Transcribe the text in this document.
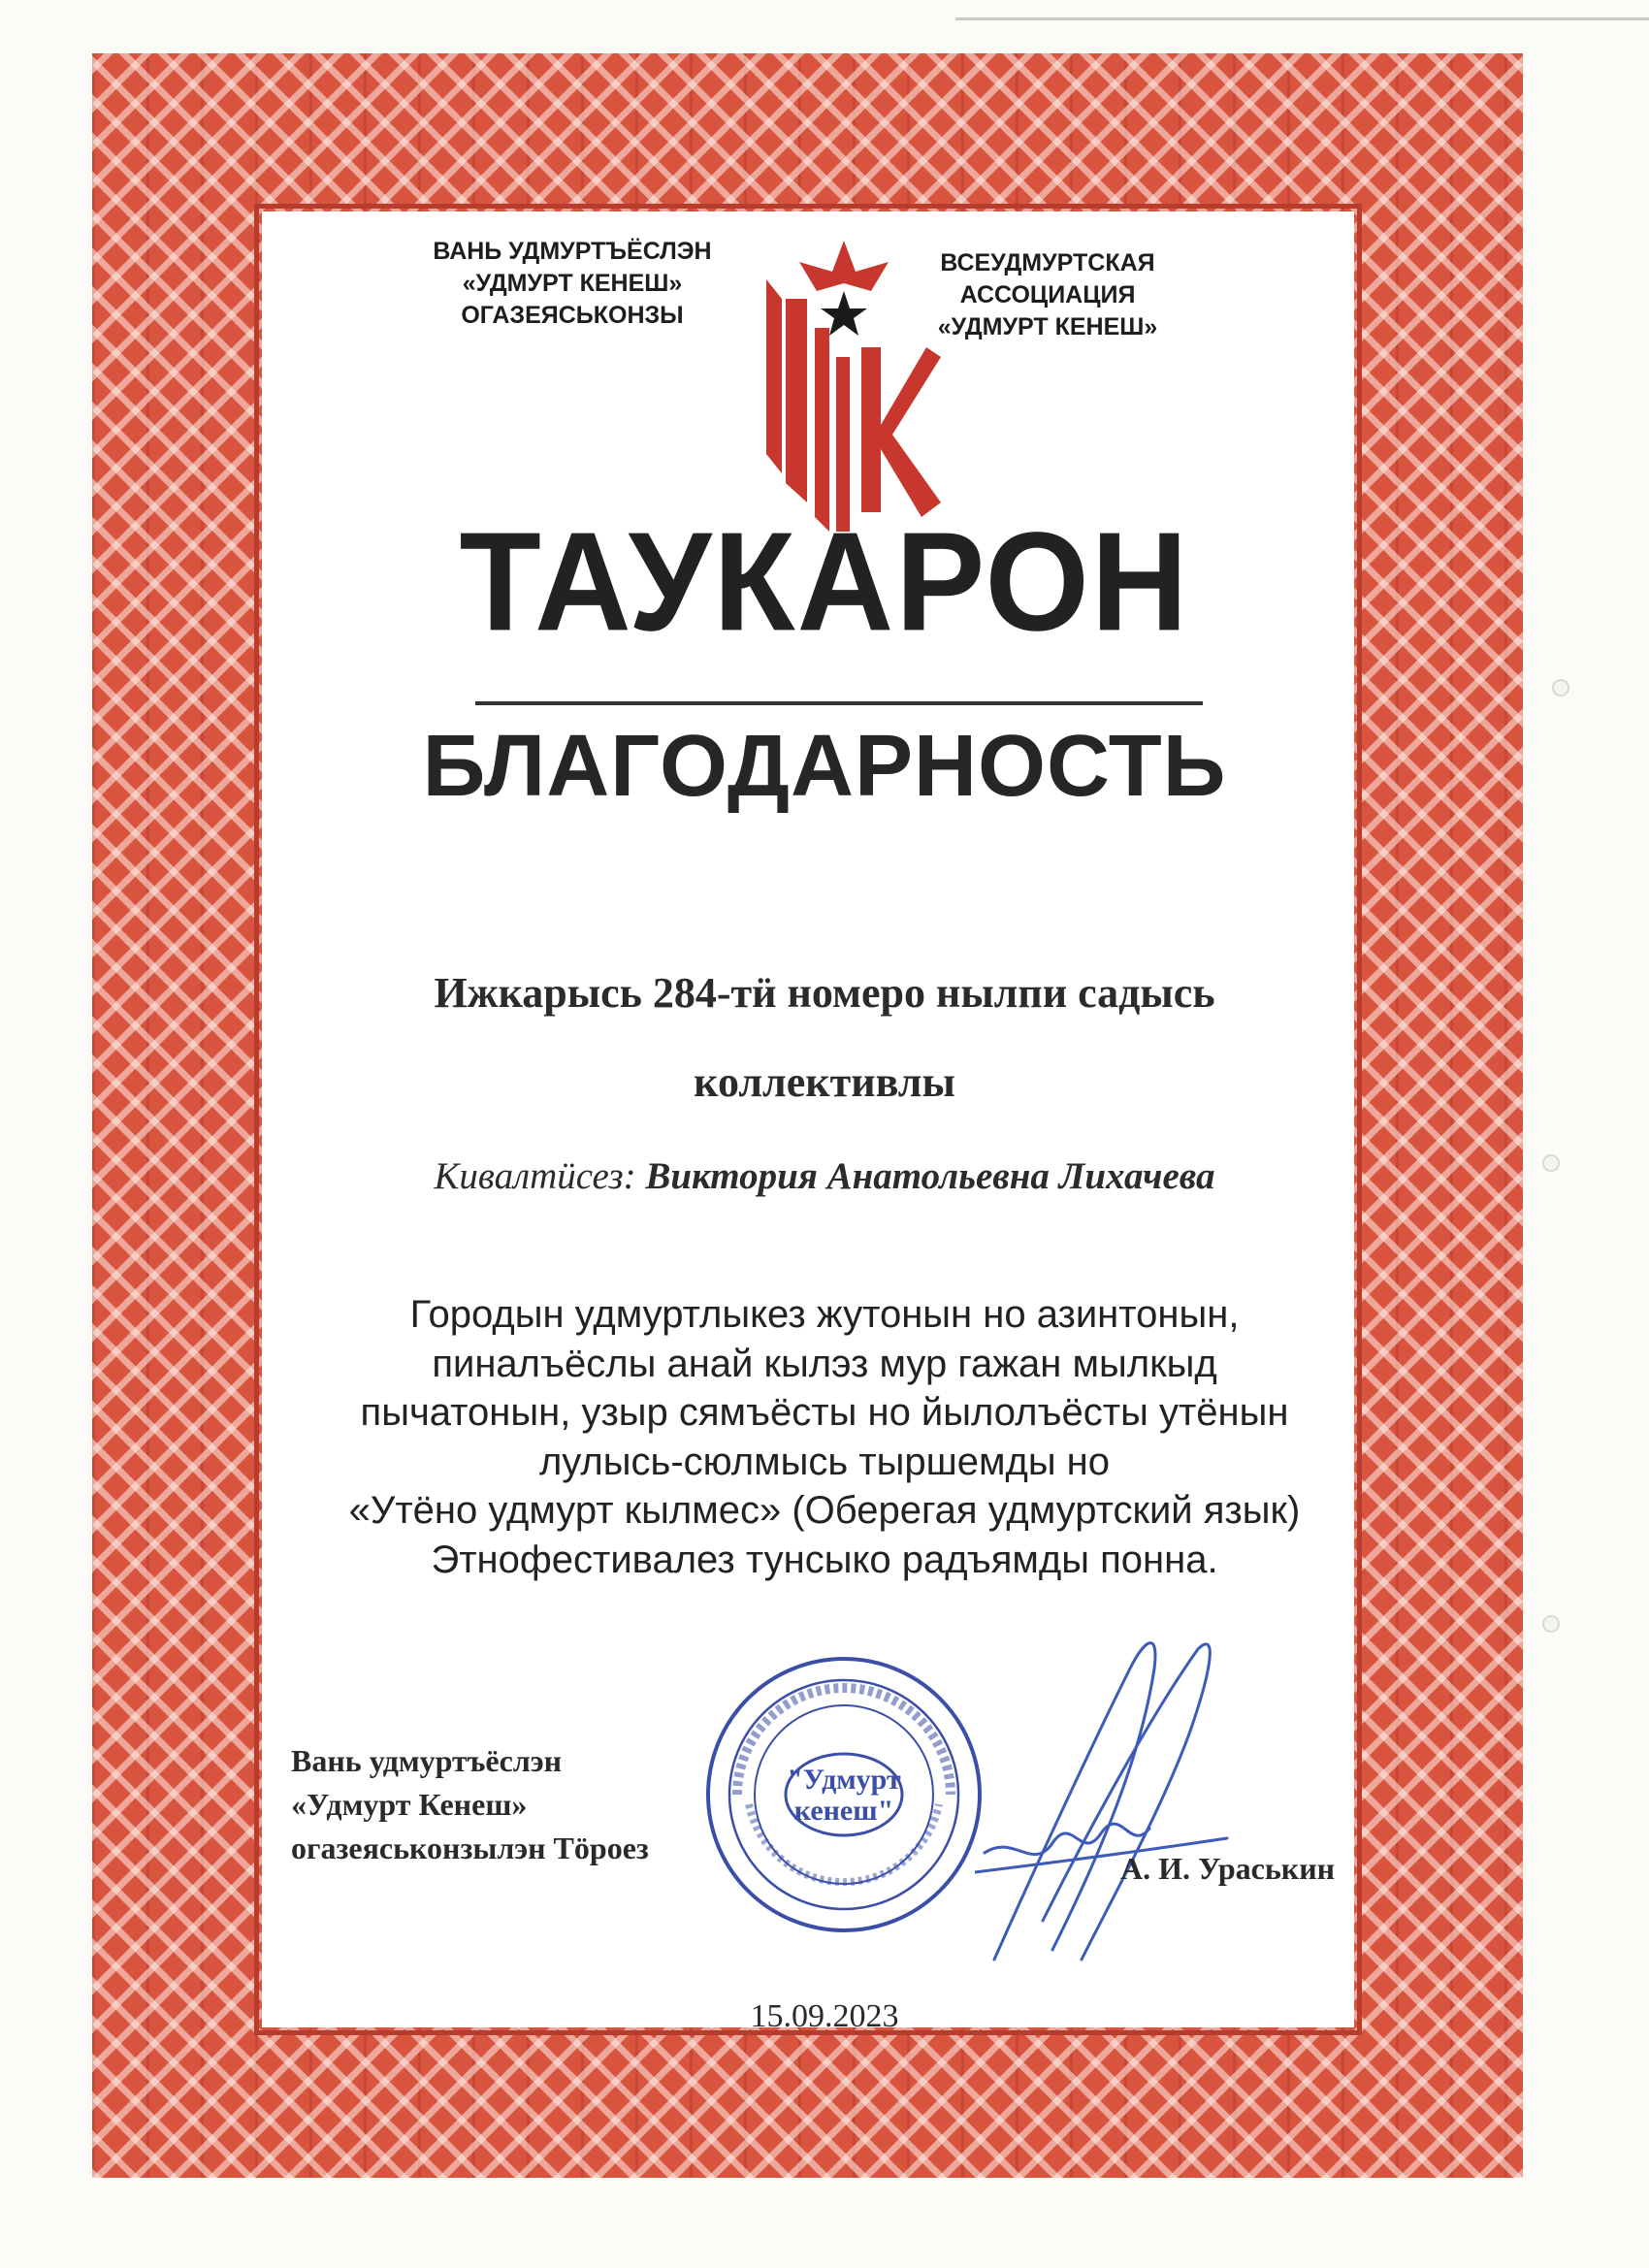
ВАНЬ УДМУРТЪЁСЛЭН
«УДМУРТ КЕНЕШ»
ОГАЗЕЯСЬКОНЗЫ
ВСЕУДМУРТСКАЯ
АССОЦИАЦИЯ
«УДМУРТ КЕНЕШ»
ТАУКАРОН
БЛАГОДАРНОСТЬ
Ижкарысь 284-тӥ номеро нылпи садысь
коллективлы
Кивалтӥсез: Виктория Анатольевна Лихачева
Городын удмуртлыкез жутонын но азинтонын,
пиналъёслы анай кылэз мур гажан мылкыд
пычатонын, узыр сямъёсты но йылолъёсты утёнын
лулысь-сюлмысь тыршемды но
«Утёно удмурт кылмес» (Оберегая удмуртский язык)
Этнофестивалез тунсыко радъямды понна.
Вань удмуртъёслэн
«Удмурт Кенеш»
огазеяськонзылэн Тöроез
"Удмурт
кенеш"
А. И. Ураськин
15.09.2023
